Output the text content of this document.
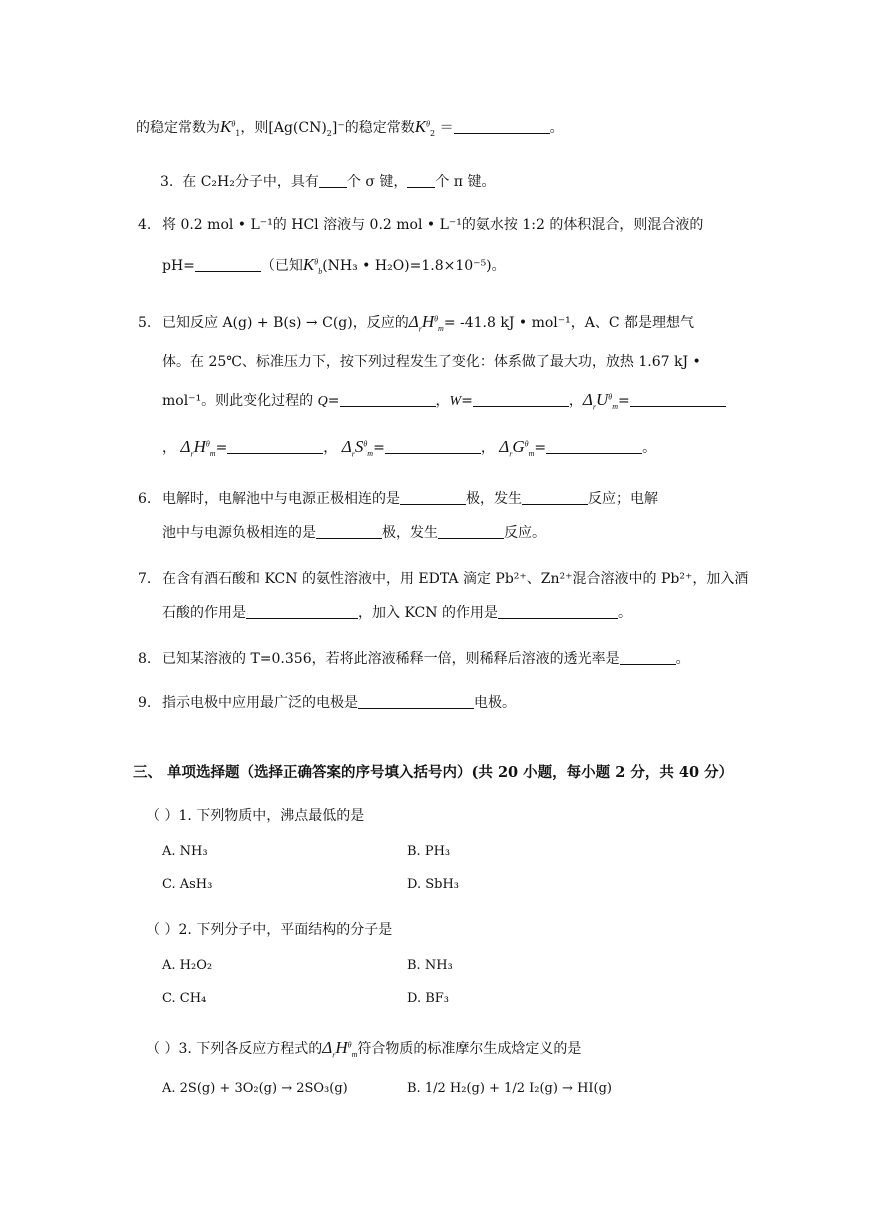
的稳定常数为$K^\theta_1$，则$[Ag(CN)_2]^-$的稳定常数$K^\theta_2$ ＝	。
3. 在 C₂H₂分子中，具有 个 σ 键， 个 π 键。
4. 将 0.2 mol • L⁻¹的 HCl 溶液与 0.2 mol • L⁻¹的氨水按 1:2 的体积混合，则混合液的
pH=	（已知$K^\theta_b(NH_3$ • H₂O)=1.8×10⁻⁵)。
5. 已知反应 A(g) + B(s) → C(g)，反应的$\Delta_rH^\theta_m= -41.8$ kJ • mol⁻¹，A、C 都是理想气
体。在 25℃、标准压力下，按下列过程发生了变化：体系做了最大功，放热 1.67 kJ •
mol⁻¹。则此变化过程的 Q=	，W=	，$\Delta_rU^\theta_m=$
， $\Delta_rH^\theta_m=$	， $\Delta_rS^\theta_m=$	， $\Delta_rG^\theta_m=$	。
6. 电解时，电解池中与电源正极相连的是	极，发生	反应；电解
池中与电源负极相连的是	极，发生	反应。
7. 在含有酒石酸和 KCN 的氨性溶液中，用 EDTA 滴定 Pb²⁺、Zn²⁺混合溶液中的 Pb²⁺，加入酒
石酸的作用是	，加入 KCN 的作用是	。
8. 已知某溶液的 T=0.356，若将此溶液稀释一倍，则稀释后溶液的透光率是	。
9. 指示电极中应用最广泛的电极是	电极。
三、 单项选择题（选择正确答案的序号填入括号内）(共 20 小题，每小题 2 分，共 40 分）
（ ）1. 下列物质中，沸点最低的是
A. NH₃	B. PH₃
C. AsH₃	D. SbH₃
（ ）2. 下列分子中，平面结构的分子是
A. H₂O₂	B. NH₃
C. CH₄	D. BF₃
（ ）3. 下列各反应方程式的$\Delta_rH^\theta_m$符合物质的标准摩尔生成焓定义的是
A. 2S(g) + 3O₂(g) → 2SO₃(g)	B. 1/2 H₂(g) + 1/2 I₂(g) → HI(g)
